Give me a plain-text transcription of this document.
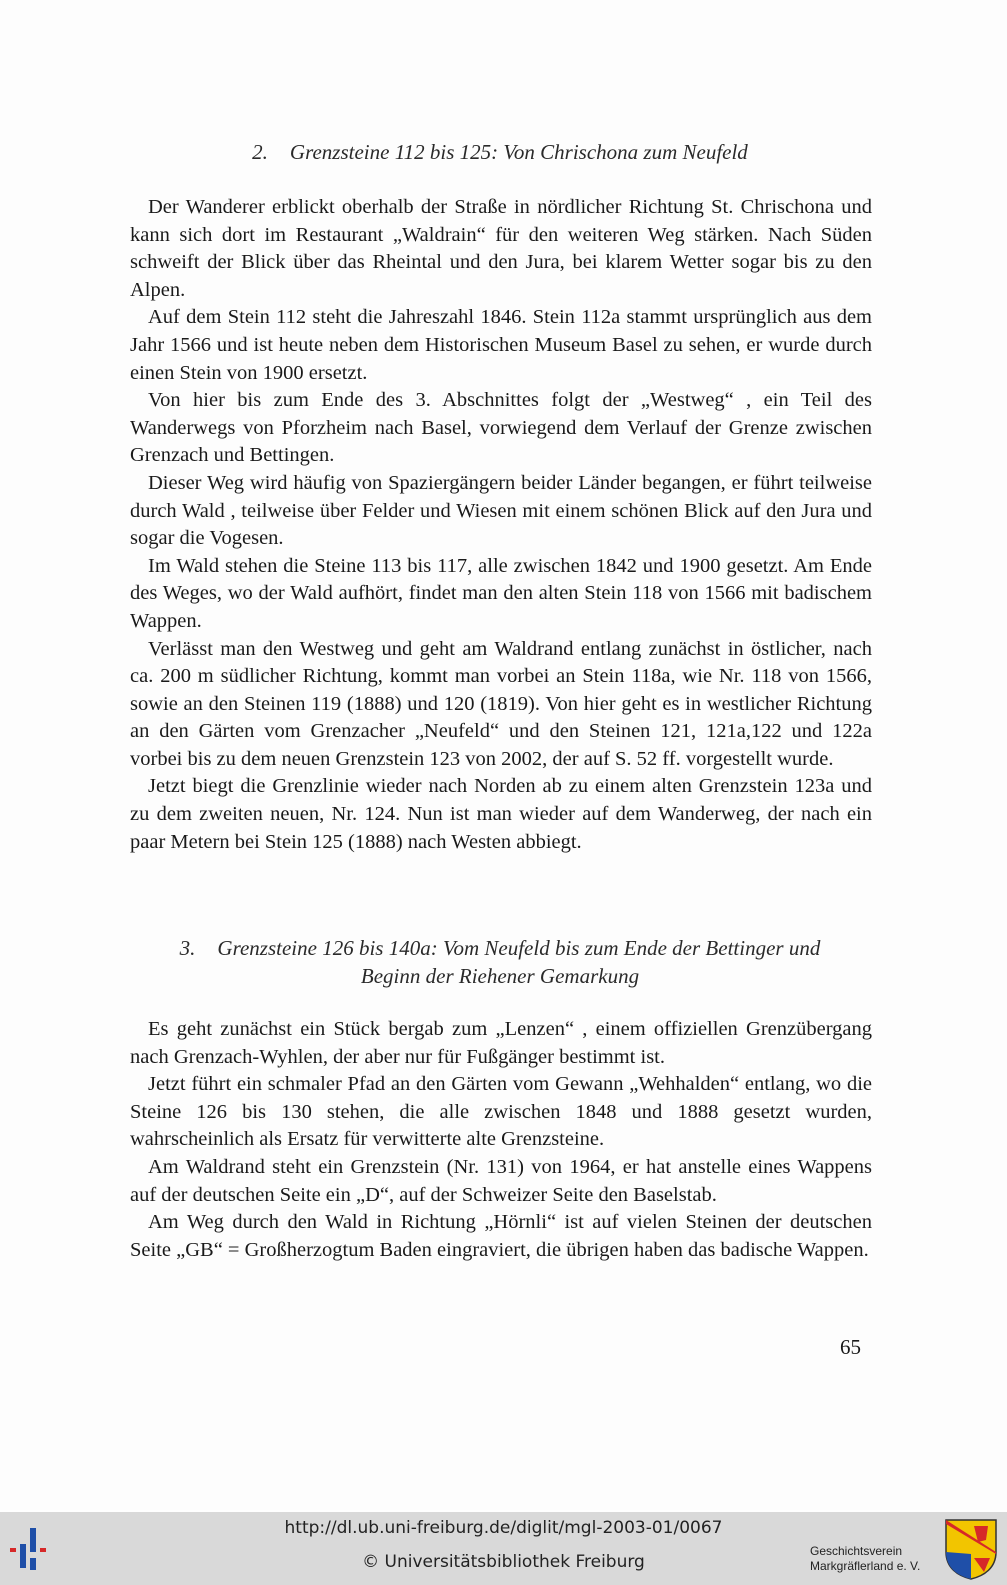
2. Grenzsteine 112 bis 125: Von Chrischona zum Neufeld

Der Wanderer erblickt oberhalb der Straße in nördlicher Richtung St. Chrischona und kann sich dort im Restaurant „Waldrain“ für den weiteren Weg stärken. Nach Süden schweift der Blick über das Rheintal und den Jura, bei klarem Wetter sogar bis zu den Alpen.

Auf dem Stein 112 steht die Jahreszahl 1846. Stein 112a stammt ursprünglich aus dem Jahr 1566 und ist heute neben dem Historischen Museum Basel zu sehen, er wurde durch einen Stein von 1900 ersetzt.

Von hier bis zum Ende des 3. Abschnittes folgt der „Westweg“ , ein Teil des Wanderwegs von Pforzheim nach Basel, vorwiegend dem Verlauf der Grenze zwischen Grenzach und Bettingen.

Dieser Weg wird häufig von Spaziergängern beider Länder begangen, er führt teilweise durch Wald , teilweise über Felder und Wiesen mit einem schönen Blick auf den Jura und sogar die Vogesen.

Im Wald stehen die Steine 113 bis 117, alle zwischen 1842 und 1900 gesetzt. Am Ende des Weges, wo der Wald aufhört, findet man den alten Stein 118 von 1566 mit badischem Wappen.

Verlässt man den Westweg und geht am Waldrand entlang zunächst in östlicher, nach ca. 200 m südlicher Richtung, kommt man vorbei an Stein 118a, wie Nr. 118 von 1566, sowie an den Steinen 119 (1888) und 120 (1819). Von hier geht es in westlicher Richtung an den Gärten vom Grenzacher „Neufeld“ und den Steinen 121, 121a,122 und 122a vorbei bis zu dem neuen Grenzstein 123 von 2002, der auf S. 52 ff. vorgestellt wurde.

Jetzt biegt die Grenzlinie wieder nach Norden ab zu einem alten Grenzstein 123a und zu dem zweiten neuen, Nr. 124. Nun ist man wieder auf dem Wanderweg, der nach ein paar Metern bei Stein 125 (1888) nach Westen abbiegt.

3. Grenzsteine 126 bis 140a: Vom Neufeld bis zum Ende der Bettinger und
Beginn der Riehener Gemarkung

Es geht zunächst ein Stück bergab zum „Lenzen“ , einem offiziellen Grenzübergang nach Grenzach-Wyhlen, der aber nur für Fußgänger bestimmt ist.

Jetzt führt ein schmaler Pfad an den Gärten vom Gewann „Wehhalden“ entlang, wo die Steine 126 bis 130 stehen, die alle zwischen 1848 und 1888 gesetzt wurden, wahrscheinlich als Ersatz für verwitterte alte Grenzsteine.

Am Waldrand steht ein Grenzstein (Nr. 131) von 1964, er hat anstelle eines Wappens auf der deutschen Seite ein „D“, auf der Schweizer Seite den Baselstab.

Am Weg durch den Wald in Richtung „Hörnli“ ist auf vielen Steinen der deutschen Seite „GB“ = Großherzogtum Baden eingraviert, die übrigen haben das badische Wappen.

65
http://dl.ub.uni-freiburg.de/diglit/mgl-2003-01/0067
© Universitätsbibliothek Freiburg
Geschichtsverein
Markgräflerland e. V.
